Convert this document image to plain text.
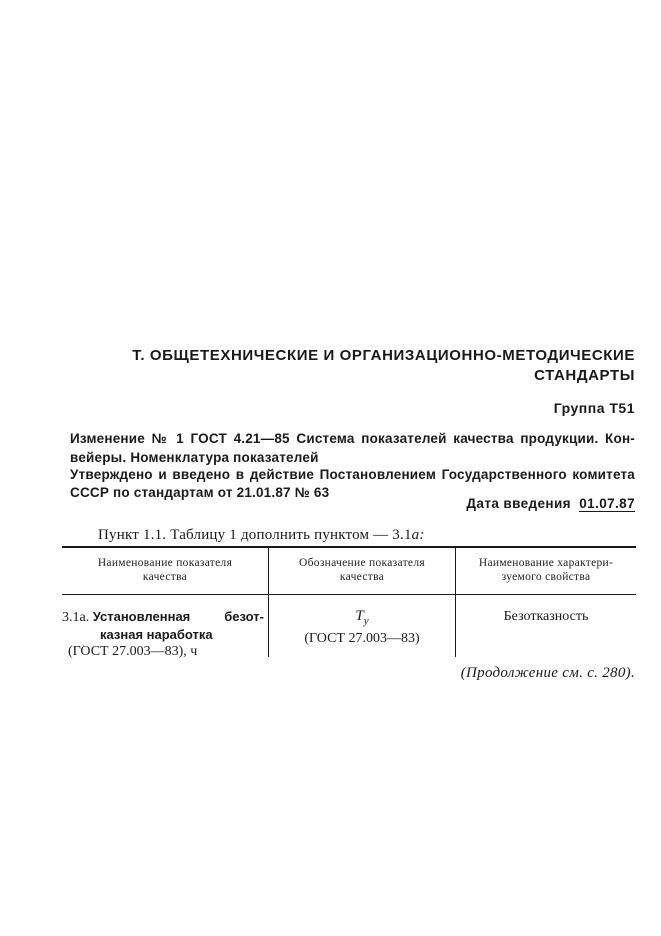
Т. ОБЩЕТЕХНИЧЕСКИЕ И ОРГАНИЗАЦИОННО-МЕТОДИЧЕСКИЕ
СТАНДАРТЫ
Группа Т51
Изменение № 1 ГОСТ 4.21—85 Система показателей качества продукции. Кон-
вейеры. Номенклатура показателей
Утверждено и введено в действие Постановлением Государственного комитета
СССР по стандартам от 21.01.87 № 63
Дата введения 01.07.87
Пункт 1.1. Таблицу 1 дополнить пунктом — 3.1а:
Наименование показателя
качества
Обозначение показателя
качества
Наименование характери-
зуемого свойства
3.1а. Установленная	безот-
казная наработка
(ГОСТ 27.003—83), ч
$T_у$
(ГОСТ 27.003—83)
Безотказность
(Продолжение см. с. 280).
